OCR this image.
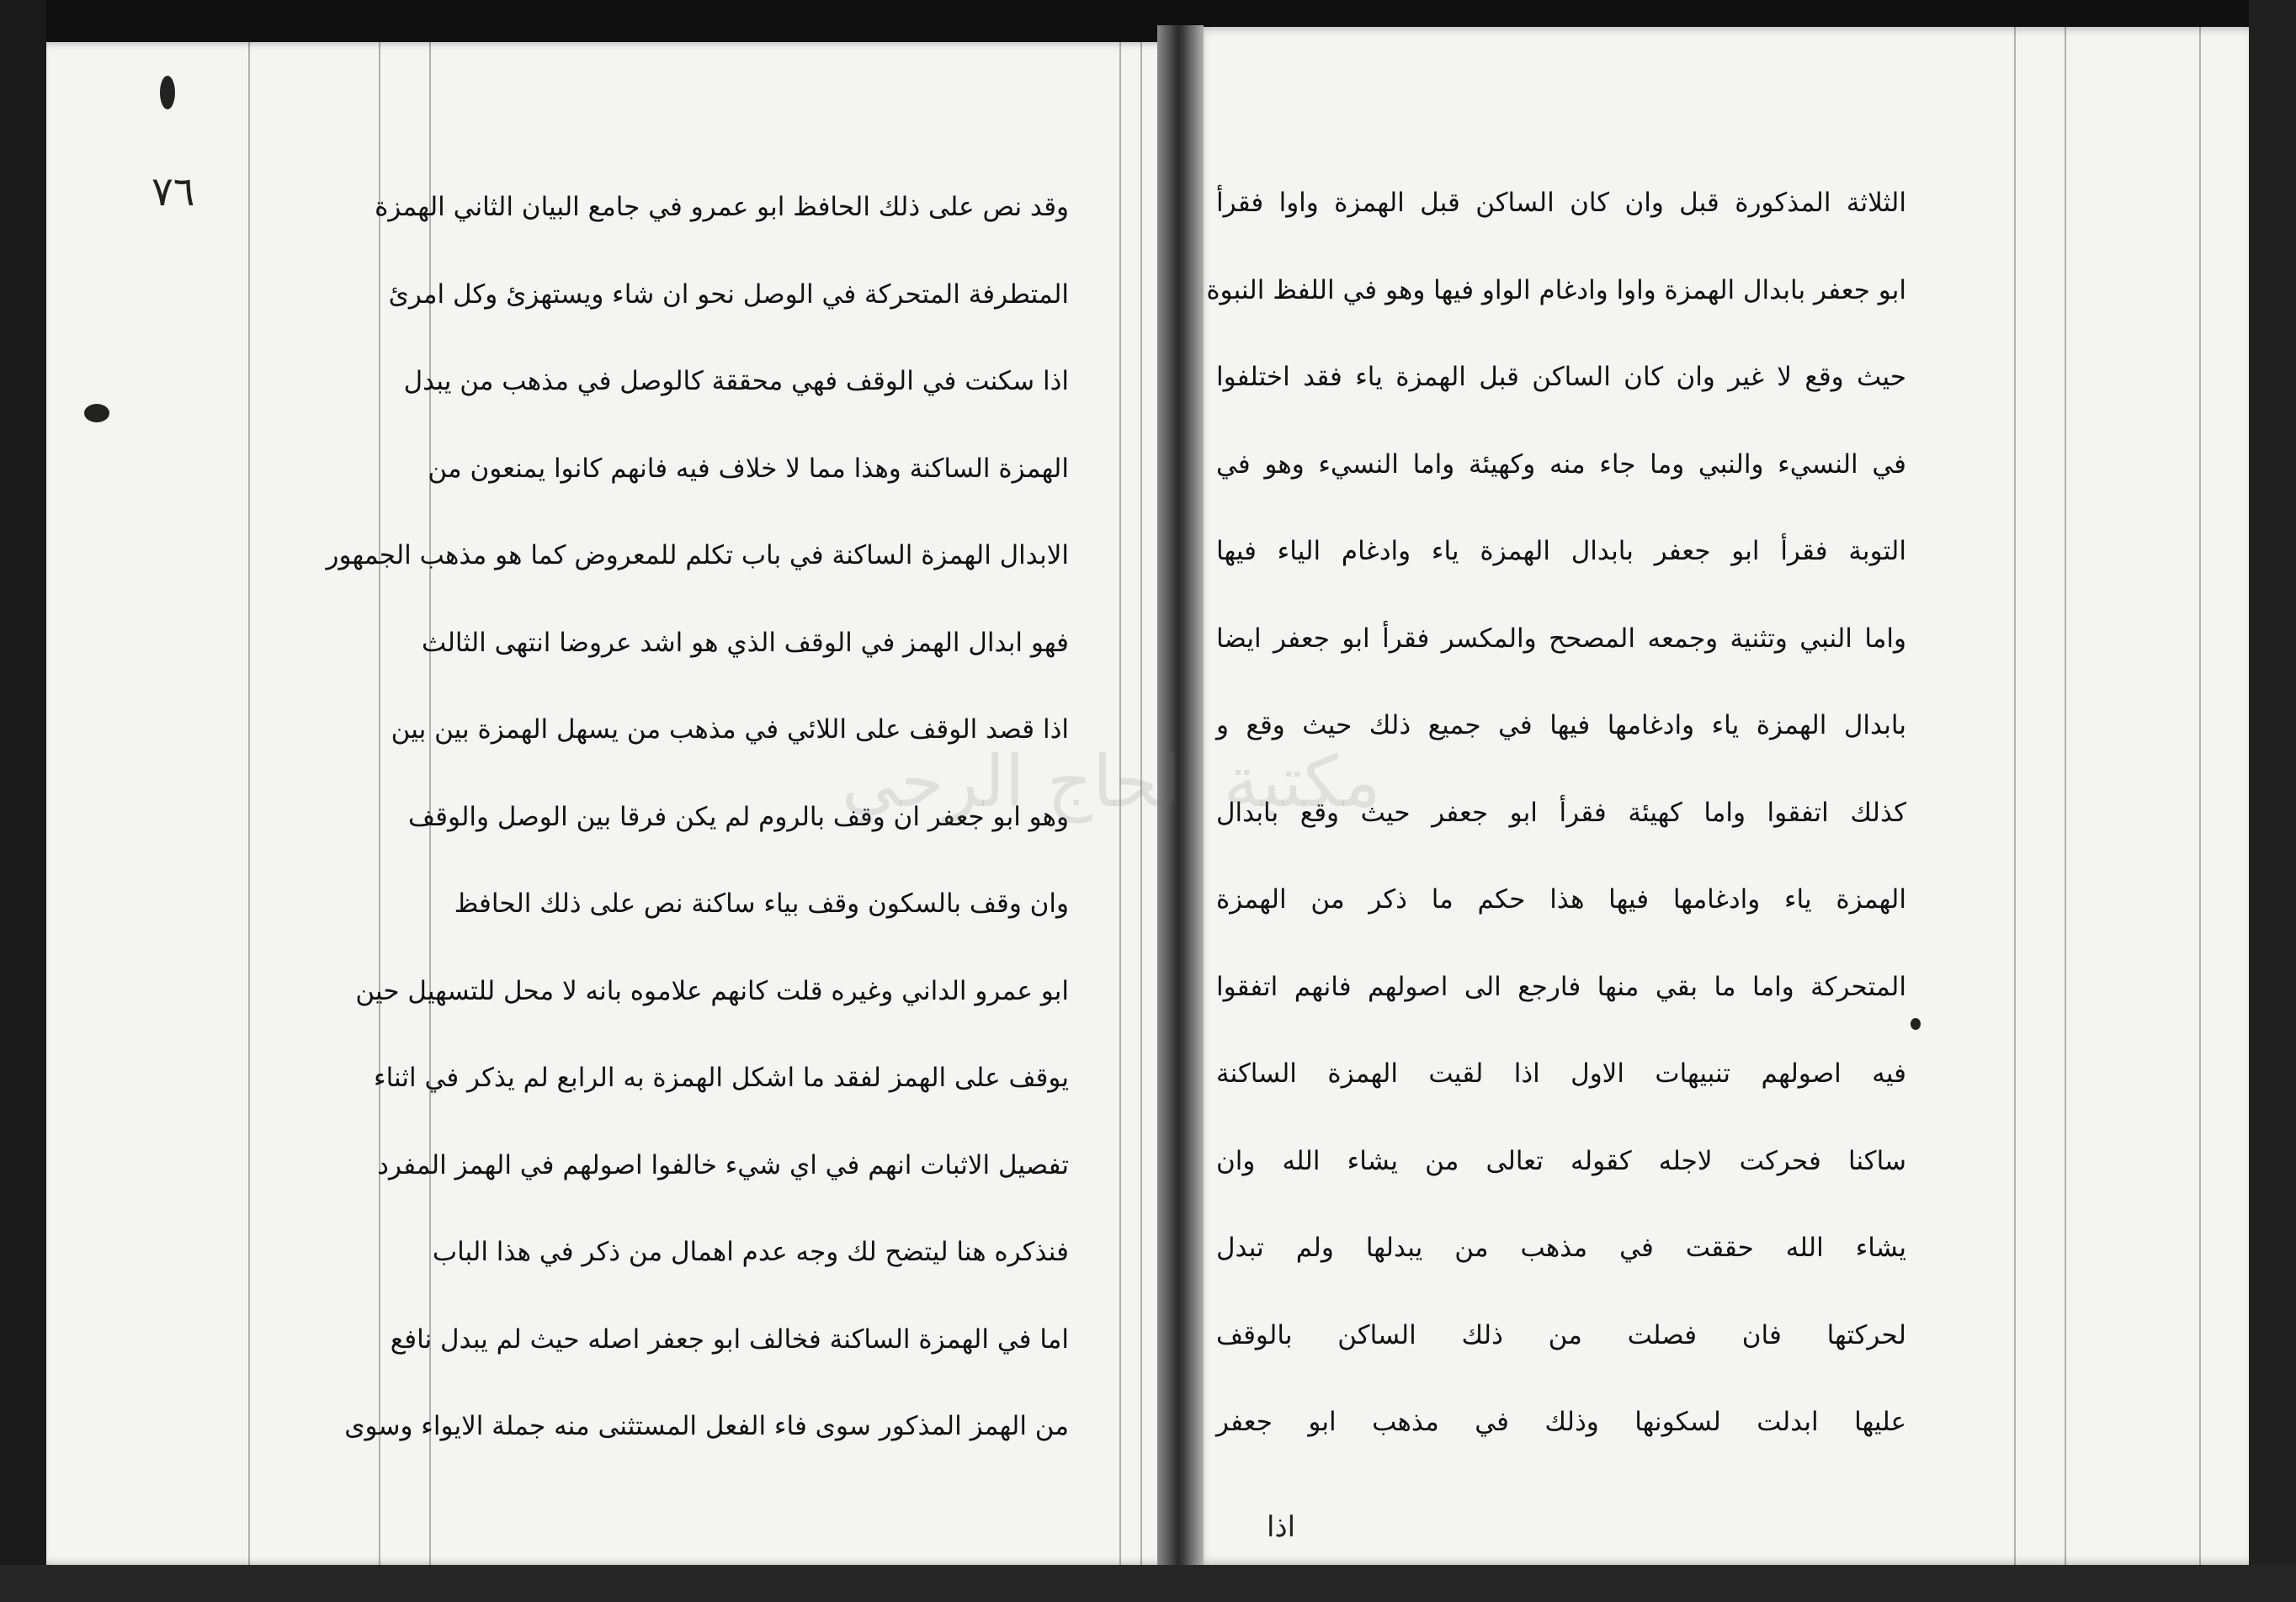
٧٦	وقد نص على ذلك الحافظ ابو عمرو في جامع البيان الثاني الهمزة
المتطرفة المتحركة في الوصل نحو ان شاء ويستهزئ وكل امرئ
اذا سكنت في الوقف فهي محققة كالوصل في مذهب من يبدل
الهمزة الساكنة وهذا مما لا خلاف فيه فانهم كانوا يمنعون من
الابدال الهمزة الساكنة في باب تكلم للمعروض كما هو مذهب الجمهور
فهو ابدال الهمز في الوقف الذي هو اشد عروضا انتهى الثالث
اذا قصد الوقف على اللائي في مذهب من يسهل الهمزة بين بين
وهو ابو جعفر ان وقف بالروم لم يكن فرقا بين الوصل والوقف
وان وقف بالسكون وقف بياء ساكنة نص على ذلك الحافظ
ابو عمرو الداني وغيره قلت كانهم علاموه بانه لا محل للتسهيل حين
يوقف على الهمز لفقد ما اشكل الهمزة به الرابع لم يذكر في اثناء
تفصيل الاثبات انهم في اي شيء خالفوا اصولهم في الهمز المفرد
فنذكره هنا ليتضح لك وجه عدم اهمال من ذكر في هذا الباب
اما في الهمزة الساكنة فخالف ابو جعفر اصله حيث لم يبدل نافع
من الهمز المذكور سوى فاء الفعل المستثنى منه جملة الايواء وسوى
الثلاثة المذكورة قبل وان كان الساكن قبل الهمزة واوا فقرأ
ابو جعفر بابدال الهمزة واوا وادغام الواو فيها وهو في اللفظ النبوة
حيث وقع لا غير وان كان الساكن قبل الهمزة ياء فقد اختلفوا
في النسيء والنبي وما جاء منه وكهيئة واما النسيء وهو في
التوبة فقرأ ابو جعفر بابدال الهمزة ياء وادغام الياء فيها
واما النبي وتثنية وجمعه المصحح والمكسر فقرأ ابو جعفر ايضا
بابدال الهمزة ياء وادغامها فيها في جميع ذلك حيث وقع و
كذلك اتفقوا واما كهيئة فقرأ ابو جعفر حيث وقع بابدال
الهمزة ياء وادغامها فيها هذا حكم ما ذكر من الهمزة
المتحركة واما ما بقي منها فارجع الى اصولهم فانهم اتفقوا
فيه اصولهم تنبيهات الاول اذا لقيت الهمزة الساكنة
ساكنا فحركت لاجله كقوله تعالى من يشاء الله وان
يشاء الله حققت في مذهب من يبدلها ولم تبدل
لحركتها فان فصلت من ذلك الساكن بالوقف
عليها ابدلت لسكونها وذلك في مذهب ابو جعفر
اذا
مكتبة الحاج الرحي
